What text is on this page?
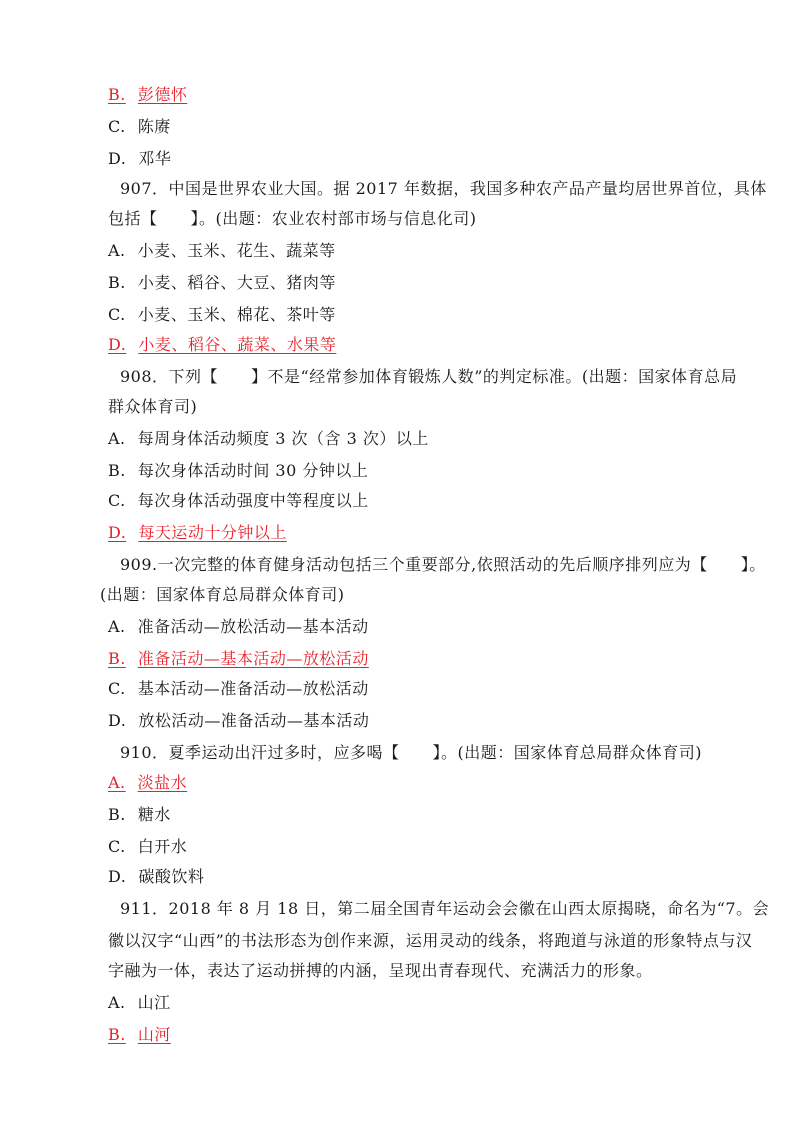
B. 彭德怀
C. 陈赓
D. 邓华
907．中国是世界农业大国。据 2017 年数据，我国多种农产品产量均居世界首位，具体
包括【　　】。(出题：农业农村部市场与信息化司)
A. 小麦、玉米、花生、蔬菜等
B. 小麦、稻谷、大豆、猪肉等
C. 小麦、玉米、棉花、茶叶等
D. 小麦、稻谷、蔬菜、水果等
908．下列【　　】不是“经常参加体育锻炼人数”的判定标准。(出题：国家体育总局
群众体育司)
A. 每周身体活动频度 3 次（含 3 次）以上
B. 每次身体活动时间 30 分钟以上
C. 每次身体活动强度中等程度以上
D. 每天运动十分钟以上
909.一次完整的体育健身活动包括三个重要部分,依照活动的先后顺序排列应为【　　】。
(出题：国家体育总局群众体育司)
A. 准备活动—放松活动—基本活动
B. 准备活动—基本活动—放松活动
C. 基本活动—准备活动—放松活动
D. 放松活动—准备活动—基本活动
910．夏季运动出汗过多时，应多喝【　　】。(出题：国家体育总局群众体育司)
A. 淡盐水
B. 糖水
C. 白开水
D. 碳酸饮料
911．2018 年 8 月 18 日，第二届全国青年运动会会徽在山西太原揭晓，命名为“7。会
徽以汉字“山西”的书法形态为创作来源，运用灵动的线条，将跑道与泳道的形象特点与汉
字融为一体，表达了运动拼搏的内涵，呈现出青春现代、充满活力的形象。
A. 山江
B. 山河
